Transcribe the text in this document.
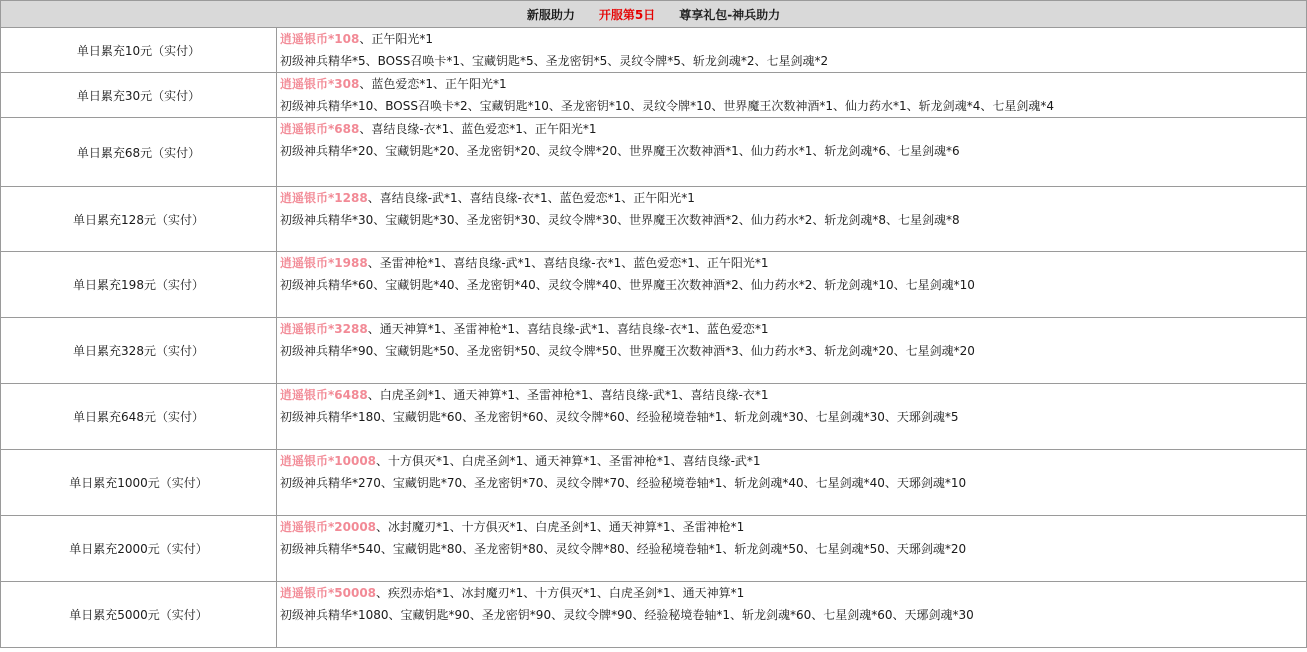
新服助力 开服第5日 尊享礼包-神兵助力	
单日累充10元（实付）	逍遥银币*108、正午阳光*1
初级神兵精华*5、BOSS召唤卡*1、宝藏钥匙*5、圣龙密钥*5、灵纹令牌*5、斩龙剑魂*2、七星剑魂*2

单日累充30元（实付）	逍遥银币*308、蓝色爱恋*1、正午阳光*1
初级神兵精华*10、BOSS召唤卡*2、宝藏钥匙*10、圣龙密钥*10、灵纹令牌*10、世界魔王次数神酒*1、仙力药水*1、斩龙剑魂*4、七星剑魂*4

单日累充68元（实付）	逍遥银币*688、喜结良缘-衣*1、蓝色爱恋*1、正午阳光*1
初级神兵精华*20、宝藏钥匙*20、圣龙密钥*20、灵纹令牌*20、世界魔王次数神酒*1、仙力药水*1、斩龙剑魂*6、七星剑魂*6

单日累充128元（实付）	逍遥银币*1288、喜结良缘-武*1、喜结良缘-衣*1、蓝色爱恋*1、正午阳光*1
初级神兵精华*30、宝藏钥匙*30、圣龙密钥*30、灵纹令牌*30、世界魔王次数神酒*2、仙力药水*2、斩龙剑魂*8、七星剑魂*8

单日累充198元（实付）	逍遥银币*1988、圣雷神枪*1、喜结良缘-武*1、喜结良缘-衣*1、蓝色爱恋*1、正午阳光*1
初级神兵精华*60、宝藏钥匙*40、圣龙密钥*40、灵纹令牌*40、世界魔王次数神酒*2、仙力药水*2、斩龙剑魂*10、七星剑魂*10

单日累充328元（实付）	逍遥银币*3288、通天神算*1、圣雷神枪*1、喜结良缘-武*1、喜结良缘-衣*1、蓝色爱恋*1
初级神兵精华*90、宝藏钥匙*50、圣龙密钥*50、灵纹令牌*50、世界魔王次数神酒*3、仙力药水*3、斩龙剑魂*20、七星剑魂*20

单日累充648元（实付）	逍遥银币*6488、白虎圣剑*1、通天神算*1、圣雷神枪*1、喜结良缘-武*1、喜结良缘-衣*1
初级神兵精华*180、宝藏钥匙*60、圣龙密钥*60、灵纹令牌*60、经验秘境卷轴*1、斩龙剑魂*30、七星剑魂*30、天琊剑魂*5

单日累充1000元（实付）	逍遥银币*10008、十方俱灭*1、白虎圣剑*1、通天神算*1、圣雷神枪*1、喜结良缘-武*1
初级神兵精华*270、宝藏钥匙*70、圣龙密钥*70、灵纹令牌*70、经验秘境卷轴*1、斩龙剑魂*40、七星剑魂*40、天琊剑魂*10

单日累充2000元（实付）	逍遥银币*20008、冰封魔刃*1、十方俱灭*1、白虎圣剑*1、通天神算*1、圣雷神枪*1
初级神兵精华*540、宝藏钥匙*80、圣龙密钥*80、灵纹令牌*80、经验秘境卷轴*1、斩龙剑魂*50、七星剑魂*50、天琊剑魂*20

单日累充5000元（实付）	逍遥银币*50008、疾烈赤焰*1、冰封魔刃*1、十方俱灭*1、白虎圣剑*1、通天神算*1
初级神兵精华*1080、宝藏钥匙*90、圣龙密钥*90、灵纹令牌*90、经验秘境卷轴*1、斩龙剑魂*60、七星剑魂*60、天琊剑魂*30
